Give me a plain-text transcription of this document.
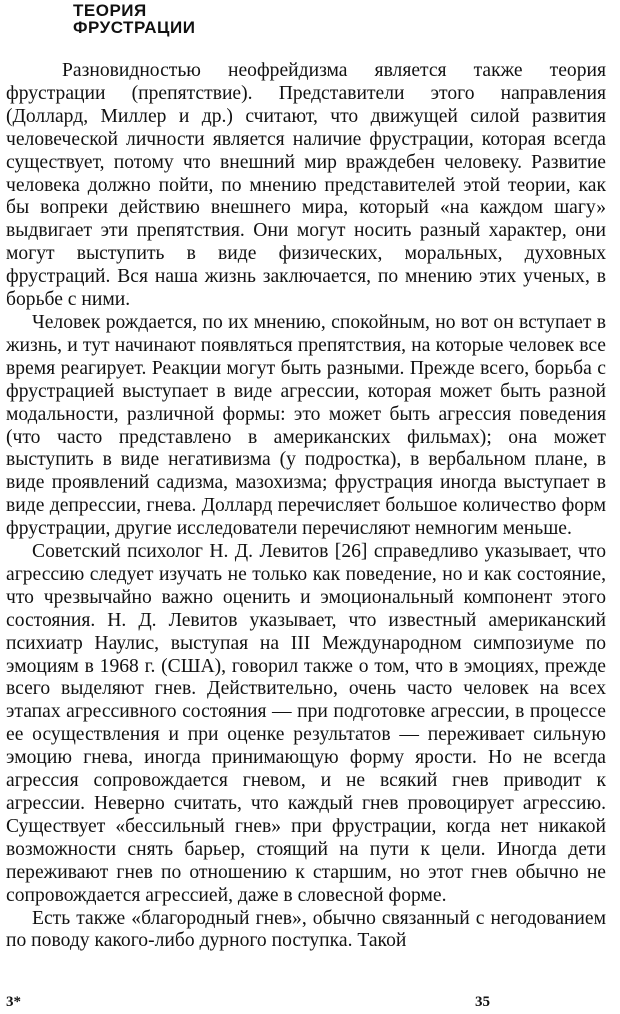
ТЕОРИЯ
ФРУСТРАЦИИ

Разновидностью неофрейдизма является также теория фрустрации (препятствие). Представители этого направления (Доллард, Миллер и др.) считают, что движущей силой развития человеческой личности является наличие фрустрации, которая всегда существует, потому что внешний мир враждебен человеку. Развитие человека должно пойти, по мнению представителей этой теории, как бы вопреки действию внешнего мира, который «на каждом шагу» выдвигает эти препятствия. Они могут носить разный характер, они могут выступить в виде физических, моральных, духовных фрустраций. Вся наша жизнь заключается, по мнению этих ученых, в борьбе с ними.

Человек рождается, по их мнению, спокойным, но вот он вступает в жизнь, и тут начинают появляться препятствия, на которые человек все время реагирует. Реакции могут быть разными. Прежде всего, борьба с фрустрацией выступает в виде агрессии, которая может быть разной модальности, различной формы: это может быть агрессия поведения (что часто представлено в американских фильмах); она может выступить в виде негативизма (у подростка), в вербальном плане, в виде проявлений садизма, мазохизма; фрустрация иногда выступает в виде депрессии, гнева. Доллард перечисляет большое количество форм фрустрации, другие исследователи перечисляют немногим меньше.

Советский психолог Н. Д. Левитов [26] справедливо указывает, что агрессию следует изучать не только как поведение, но и как состояние, что чрезвычайно важно оценить и эмоциональный компонент этого состояния. Н. Д. Левитов указывает, что известный американский психиатр Наулис, выступая на III Международном симпозиуме по эмоциям в 1968 г. (США), говорил также о том, что в эмоциях, прежде всего выделяют гнев. Действительно, очень часто человек на всех этапах агрессивного состояния — при подготовке агрессии, в процессе ее осуществления и при оценке результатов — переживает сильную эмоцию гнева, иногда принимающую форму ярости. Но не всегда агрессия сопровождается гневом, и не всякий гнев приводит к агрессии. Неверно считать, что каждый гнев провоцирует агрессию. Существует «бессильный гнев» при фрустрации, когда нет никакой возможности снять барьер, стоящий на пути к цели. Иногда дети переживают гнев по отношению к старшим, но этот гнев обычно не сопровождается агрессией, даже в словесной форме.

Есть также «благородный гнев», обычно связанный с негодованием по поводу какого-либо дурного поступка. Такой

3*	35
